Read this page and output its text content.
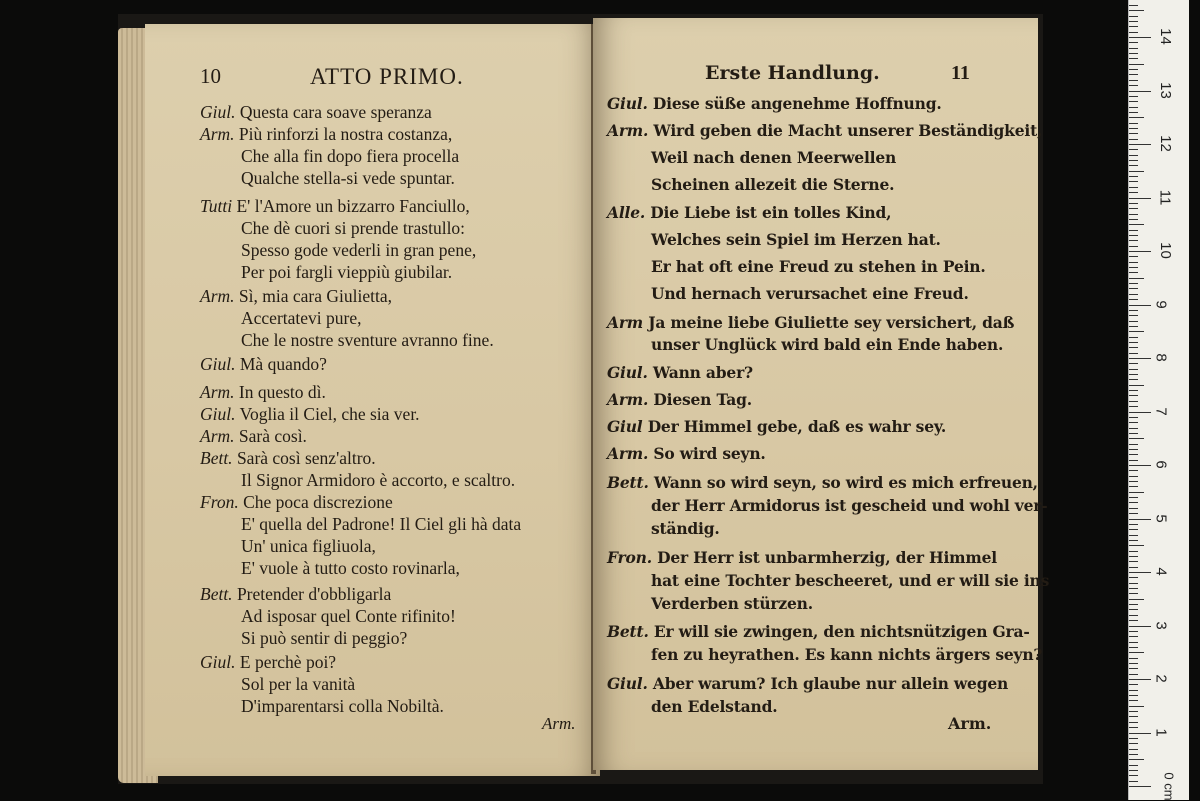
10	ATTO PRIMO.
Giul. Questa cara soave speranza
Arm. Più rinforzi la nostra costanza,
Che alla fin dopo fiera procella
Qualche stella-si vede spuntar.
Tutti E' l'Amore un bizzarro Fanciullo,
Che dè cuori si prende trastullo:
Spesso gode vederli in gran pene,
Per poi fargli vieppiù giubilar.
Arm. Sì, mia cara Giulietta,
Accertatevi pure,
Che le nostre sventure avranno fine.
Giul. Mà quando?
Arm. In questo dì.
Giul. Voglia il Ciel, che sia ver.
Arm. Sarà così.
Bett. Sarà così senz'altro.
Il Signor Armidoro è accorto, e scaltro.
Fron. Che poca discrezione
E' quella del Padrone! Il Ciel gli hà data
Un' unica figliuola,
E' vuole à tutto costo rovinarla,
Bett. Pretender d'obbligarla
Ad isposar quel Conte rifinito!
Si può sentir di peggio?
Giul. E perchè poi?
Sol per la vanità
D'imparentarsi colla Nobiltà.
Arm.
Erste Handlung.	11
Giul. Diese süße angenehme Hoffnung.
Arm. Wird geben die Macht unserer Beständigkeit,
Weil nach denen Meerwellen
Scheinen allezeit die Sterne.
Alle. Die Liebe ist ein tolles Kind,
Welches sein Spiel im Herzen hat.
Er hat oft eine Freud zu stehen in Pein.
Und hernach verursachet eine Freud.
Arm Ja meine liebe Giuliette sey versichert, daß
unser Unglück wird bald ein Ende haben.
Giul. Wann aber?
Arm. Diesen Tag.
Giul Der Himmel gebe, daß es wahr sey.
Arm. So wird seyn.
Bett. Wann so wird seyn, so wird es mich erfreuen,
der Herr Armidorus ist gescheid und wohl ver-
ständig.
Fron. Der Herr ist unbarmherzig, der Himmel
hat eine Tochter bescheeret, und er will sie ins
Verderben stürzen.
Bett. Er will sie zwingen, den nichtsnützigen Gra-
fen zu heyrathen. Es kann nichts ärgers seyn?
Giul. Aber warum? Ich glaube nur allein wegen
den Edelstand.
Arm.
0 cm
14
13
12
11
10
9
8
7
6
5
4
3
2
1
